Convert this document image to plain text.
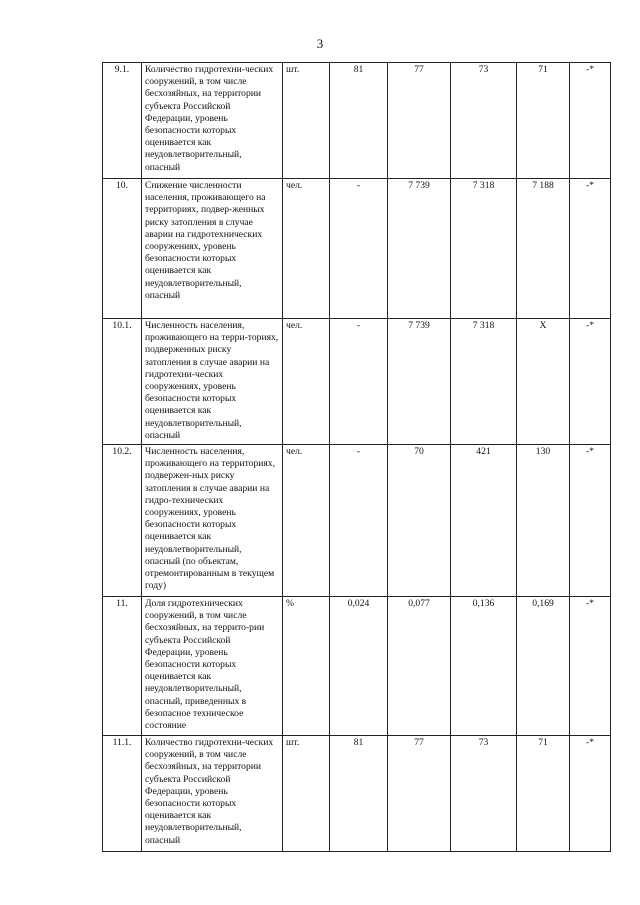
3
9.1.	Количество гидротехни-ческих сооружений, в том числе бесхозяйных, на территории субъекта Российской Федерации, уровень безопасности которых оценивается как неудовлетворительный, опасный	шт.	81	77	73	71	-*
10.	Снижение численности населения, проживающего на территориях, подвер-женных риску затопления в случае аварии на гидротехнических сооружениях, уровень безопасности которых оценивается как неудовлетворительный, опасный	чел.	-	7 739	7 318	7 188	-*
10.1.	Численность населения, проживающего на терри-ториях, подверженных риску затопления в случае аварии на гидротехни-ческих сооружениях, уровень безопасности которых оценивается как неудовлетворительный, опасный	чел.	-	7 739	7 318	X	-*
10.2.	Численность населения, проживающего на территориях, подвержен-ных риску затопления в случае аварии на гидро-технических сооружениях, уровень безопасности которых оценивается как неудовлетворительный, опасный (по объектам, отремонтированным в текущем году)	чел.	-	70	421	130	-*
11.	Доля гидротехнических сооружений, в том числе бесхозяйных, на террито-рии субъекта Российской Федерации, уровень безопасности которых оценивается как неудовлетворительный, опасный, приведенных в безопасное техническое состояние	%	0,024	0,077	0,136	0,169	-*
11.1.	Количество гидротехни-ческих сооружений, в том числе бесхозяйных, на территории субъекта Российской Федерации, уровень безопасности которых оценивается как неудовлетворительный, опасный	шт.	81	77	73	71	-*
